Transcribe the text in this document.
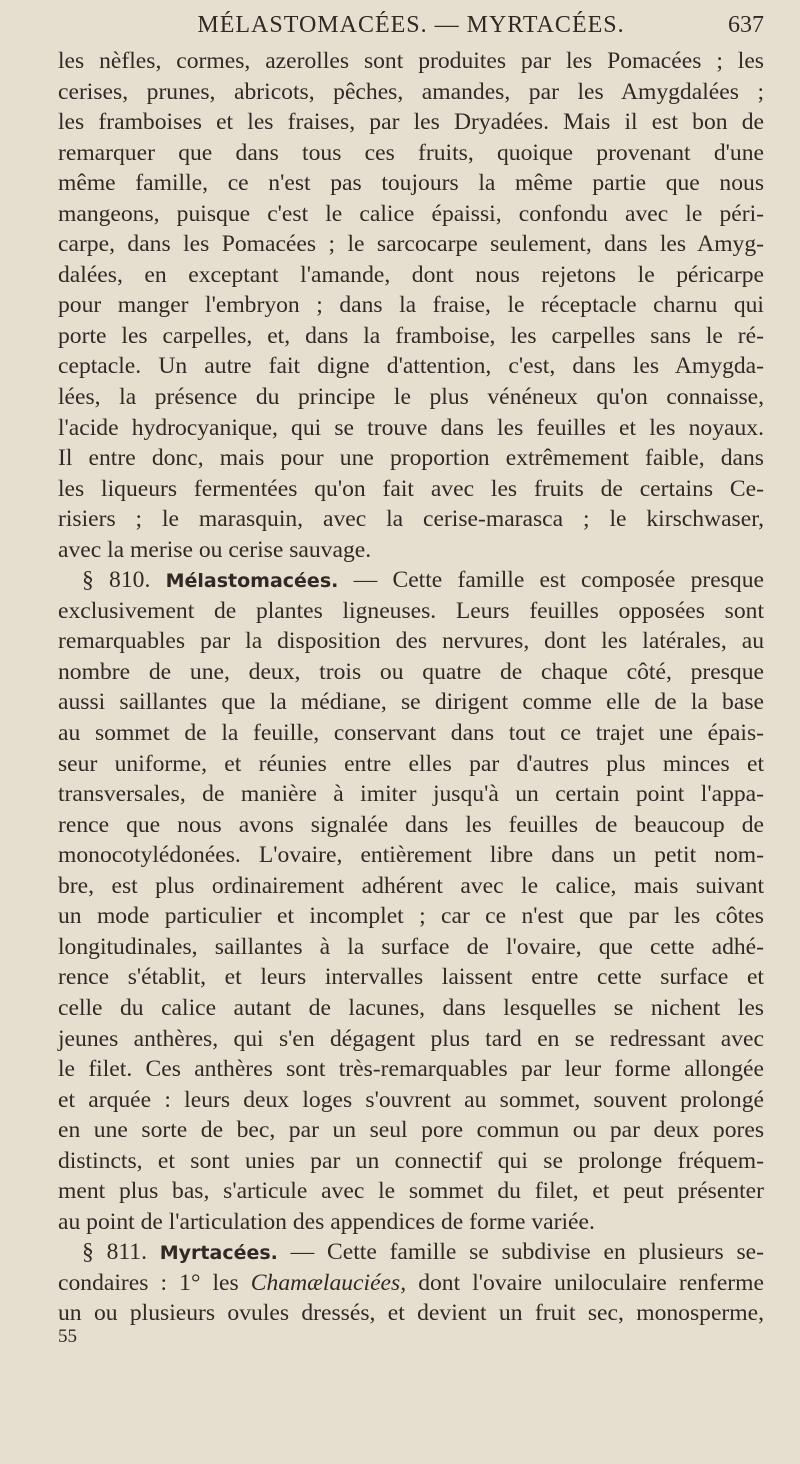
MÉLASTOMACÉES. — MYRTACÉES.	637
les nèfles, cormes, azerolles sont produites par les Pomacées ; les
cerises, prunes, abricots, pêches, amandes, par les Amygdalées ;
les framboises et les fraises, par les Dryadées. Mais il est bon de
remarquer que dans tous ces fruits, quoique provenant d'une
même famille, ce n'est pas toujours la même partie que nous
mangeons, puisque c'est le calice épaissi, confondu avec le péri-
carpe, dans les Pomacées ; le sarcocarpe seulement, dans les Amyg-
dalées, en exceptant l'amande, dont nous rejetons le péricarpe
pour manger l'embryon ; dans la fraise, le réceptacle charnu qui
porte les carpelles, et, dans la framboise, les carpelles sans le ré-
ceptacle. Un autre fait digne d'attention, c'est, dans les Amygda-
lées, la présence du principe le plus vénéneux qu'on connaisse,
l'acide hydrocyanique, qui se trouve dans les feuilles et les noyaux.
Il entre donc, mais pour une proportion extrêmement faible, dans
les liqueurs fermentées qu'on fait avec les fruits de certains Ce-
risiers ; le marasquin, avec la cerise-marasca ; le kirschwaser,
avec la merise ou cerise sauvage.
§ 810. Mélastomacées. — Cette famille est composée presque
exclusivement de plantes ligneuses. Leurs feuilles opposées sont
remarquables par la disposition des nervures, dont les latérales, au
nombre de une, deux, trois ou quatre de chaque côté, presque
aussi saillantes que la médiane, se dirigent comme elle de la base
au sommet de la feuille, conservant dans tout ce trajet une épais-
seur uniforme, et réunies entre elles par d'autres plus minces et
transversales, de manière à imiter jusqu'à un certain point l'appa-
rence que nous avons signalée dans les feuilles de beaucoup de
monocotylédonées. L'ovaire, entièrement libre dans un petit nom-
bre, est plus ordinairement adhérent avec le calice, mais suivant
un mode particulier et incomplet ; car ce n'est que par les côtes
longitudinales, saillantes à la surface de l'ovaire, que cette adhé-
rence s'établit, et leurs intervalles laissent entre cette surface et
celle du calice autant de lacunes, dans lesquelles se nichent les
jeunes anthères, qui s'en dégagent plus tard en se redressant avec
le filet. Ces anthères sont très-remarquables par leur forme allongée
et arquée : leurs deux loges s'ouvrent au sommet, souvent prolongé
en une sorte de bec, par un seul pore commun ou par deux pores
distincts, et sont unies par un connectif qui se prolonge fréquem-
ment plus bas, s'articule avec le sommet du filet, et peut présenter
au point de l'articulation des appendices de forme variée.
§ 811. Myrtacées. — Cette famille se subdivise en plusieurs se-
condaires : 1° les Chamælauciées, dont l'ovaire uniloculaire renferme
un ou plusieurs ovules dressés, et devient un fruit sec, monosperme,
55
